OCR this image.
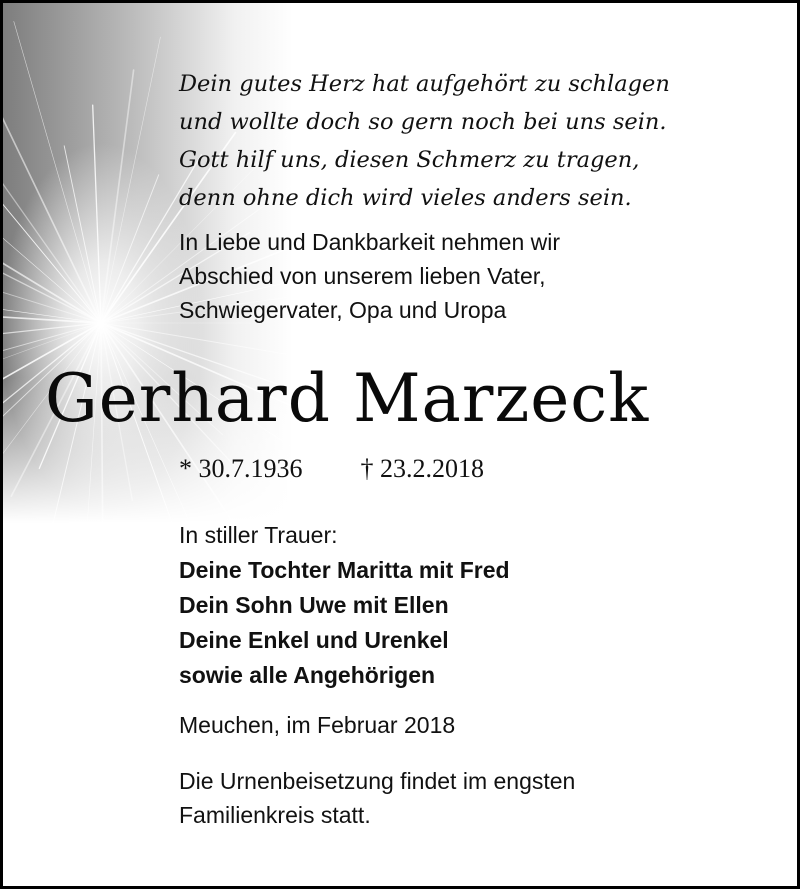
Dein gutes Herz hat aufgehört zu schlagen
und wollte doch so gern noch bei uns sein.
Gott hilf uns, diesen Schmerz zu tragen,
denn ohne dich wird vieles anders sein.
In Liebe und Dankbarkeit nehmen wir
Abschied von unserem lieben Vater,
Schwiegervater, Opa und Uropa
Gerhard Marzeck
* 30.7.1936 † 23.2.2018
In stiller Trauer:
Deine Tochter Maritta mit Fred
Dein Sohn Uwe mit Ellen
Deine Enkel und Urenkel
sowie alle Angehörigen
Meuchen, im Februar 2018
Die Urnenbeisetzung findet im engsten
Familienkreis statt.
